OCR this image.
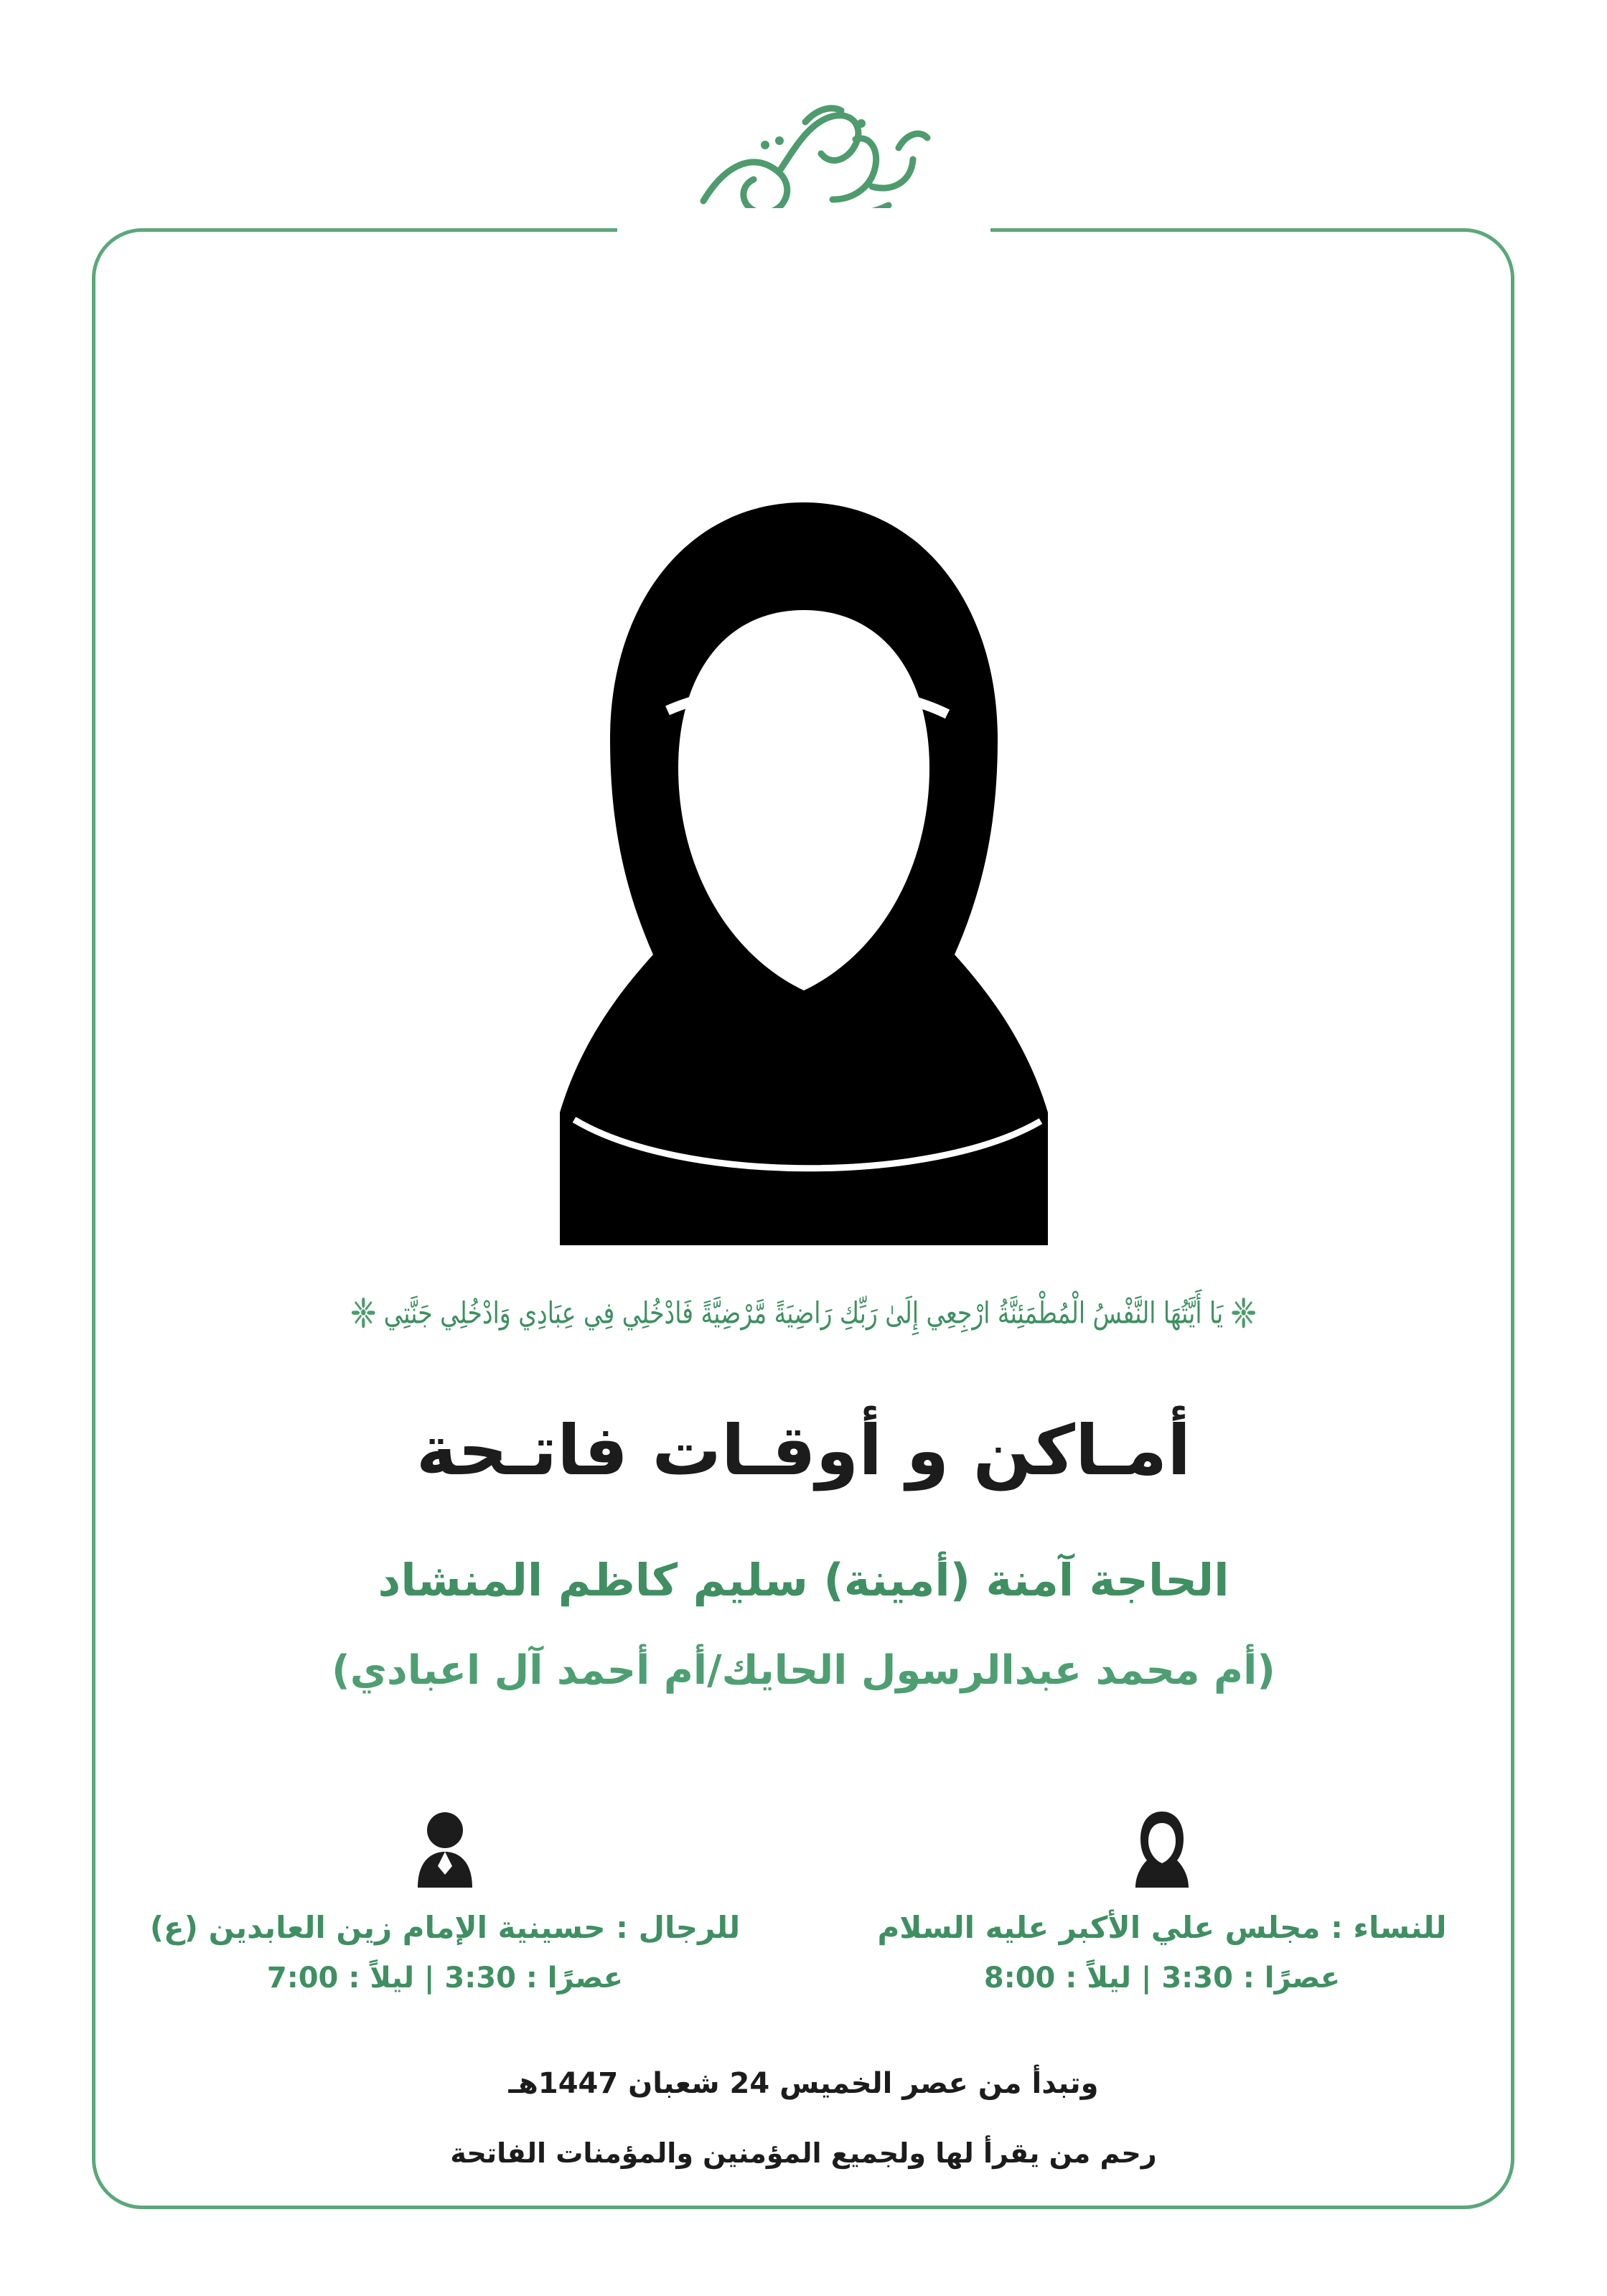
❈
يَا أَيَّتُهَا النَّفْسُ الْمُطْمَئِنَّةُ ارْجِعِي إِلَىٰ رَبِّكِ رَاضِيَةً مَّرْضِيَّةً فَادْخُلِي فِي عِبَادِي وَادْخُلِي جَنَّتِي
❈
أمـاكن و أوقـات فاتـحة
الحاجة آمنة (أمينة) سليم كاظم المنشاد
(أم محمد عبدالرسول الحايك/أم أحمد آل اعبادي)
للرجال : حسينية الإمام زين العابدين (ع)
عصرًا : 3:30 | ليلاً : 7:00
للنساء : مجلس علي الأكبر عليه السلام
عصرًا : 3:30 | ليلاً : 8:00
وتبدأ من عصر الخميس 24 شعبان 1447هـ
رحم من يقرأ لها ولجميع المؤمنين والمؤمنات الفاتحة
